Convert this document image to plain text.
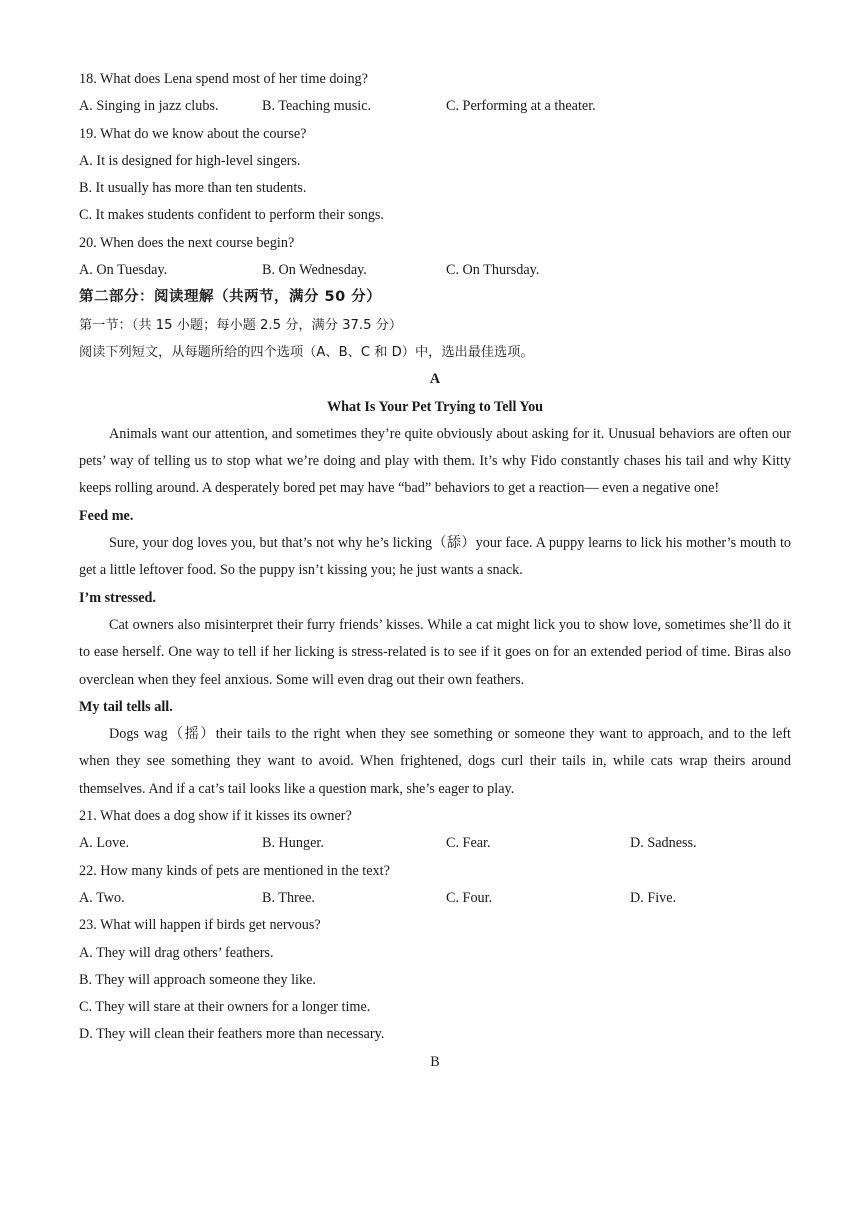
18. What does Lena spend most of her time doing?
A. Singing in jazz clubs.	B. Teaching music.	C. Performing at a theater.
19. What do we know about the course?
A. It is designed for high-level singers.
B. It usually has more than ten students.
C. It makes students confident to perform their songs.
20. When does the next course begin?
A. On Tuesday.	B. On Wednesday.	C. On Thursday.
第二部分：阅读理解（共两节，满分 50 分）
第一节：（共 15 小题；每小题 2.5 分，满分 37.5 分）
阅读下列短文，从每题所给的四个选项（A、B、C 和 D）中，选出最佳选项。
A
What Is Your Pet Trying to Tell You
Animals want our attention, and sometimes they’re quite obviously about asking for it. Unusual behaviors are often our pets’ way of telling us to stop what we’re doing and play with them. It’s why Fido constantly chases his tail and why Kitty keeps rolling around. A desperately bored pet may have “bad” behaviors to get a reaction— even a negative one!
Feed me.
Sure, your dog loves you, but that’s not why he’s licking（舔）your face. A puppy learns to lick his mother’s mouth to get a little leftover food. So the puppy isn’t kissing you; he just wants a snack.
I’m stressed.
Cat owners also misinterpret their furry friends’ kisses. While a cat might lick you to show love, sometimes she’ll do it to ease herself. One way to tell if her licking is stress-related is to see if it goes on for an extended period of time. Biras also overclean when they feel anxious. Some will even drag out their own feathers.
My tail tells all.
Dogs wag（摇）their tails to the right when they see something or someone they want to approach, and to the left when they see something they want to avoid. When frightened, dogs curl their tails in, while cats wrap theirs around themselves. And if a cat’s tail looks like a question mark, she’s eager to play.
21. What does a dog show if it kisses its owner?
A. Love.	B. Hunger.	C. Fear.	D. Sadness.
22. How many kinds of pets are mentioned in the text?
A. Two.	B. Three.	C. Four.	D. Five.
23. What will happen if birds get nervous?
A. They will drag others’ feathers.
B. They will approach someone they like.
C. They will stare at their owners for a longer time.
D. They will clean their feathers more than necessary.
B
